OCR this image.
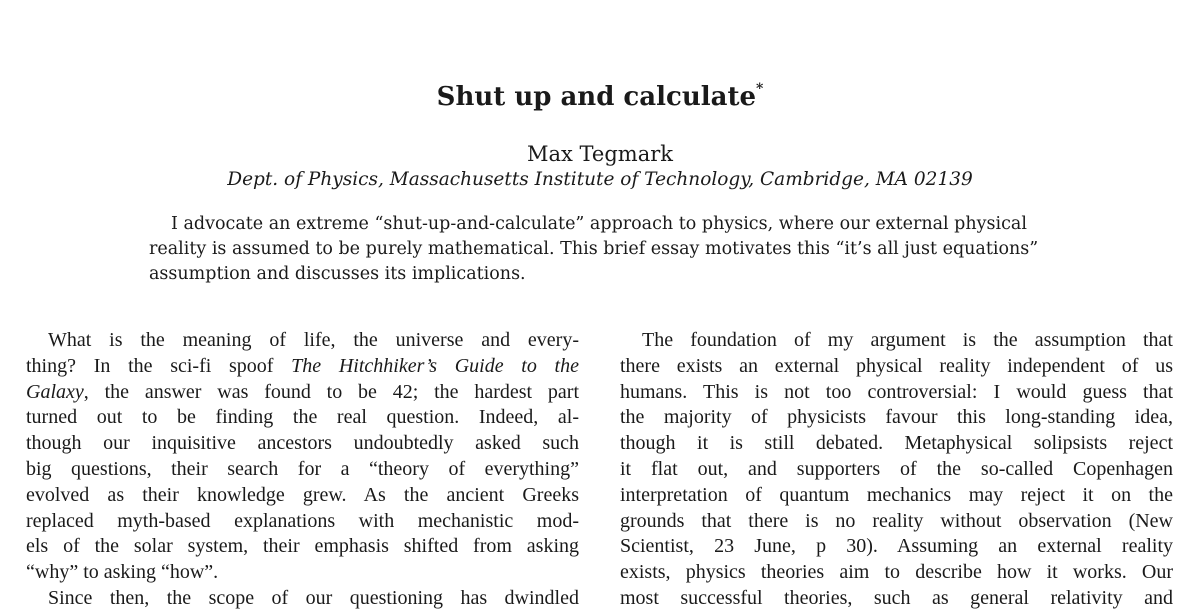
Shut up and calculate*
Max Tegmark
Dept. of Physics, Massachusetts Institute of Technology, Cambridge, MA 02139
I advocate an extreme “shut-up-and-calculate” approach to physics, where our external physical
reality is assumed to be purely mathematical. This brief essay motivates this “it’s all just equations”
assumption and discusses its implications.
What is the meaning of life, the universe and every-
thing? In the sci-fi spoof The Hitchhiker’s Guide to the
Galaxy, the answer was found to be 42; the hardest part
turned out to be finding the real question. Indeed, al-
though our inquisitive ancestors undoubtedly asked such
big questions, their search for a “theory of everything”
evolved as their knowledge grew. As the ancient Greeks
replaced myth-based explanations with mechanistic mod-
els of the solar system, their emphasis shifted from asking
“why” to asking “how”.
Since then, the scope of our questioning has dwindled
The foundation of my argument is the assumption that
there exists an external physical reality independent of us
humans. This is not too controversial: I would guess that
the majority of physicists favour this long-standing idea,
though it is still debated. Metaphysical solipsists reject
it flat out, and supporters of the so-called Copenhagen
interpretation of quantum mechanics may reject it on the
grounds that there is no reality without observation (New
Scientist, 23 June, p 30). Assuming an external reality
exists, physics theories aim to describe how it works. Our
most successful theories, such as general relativity and
